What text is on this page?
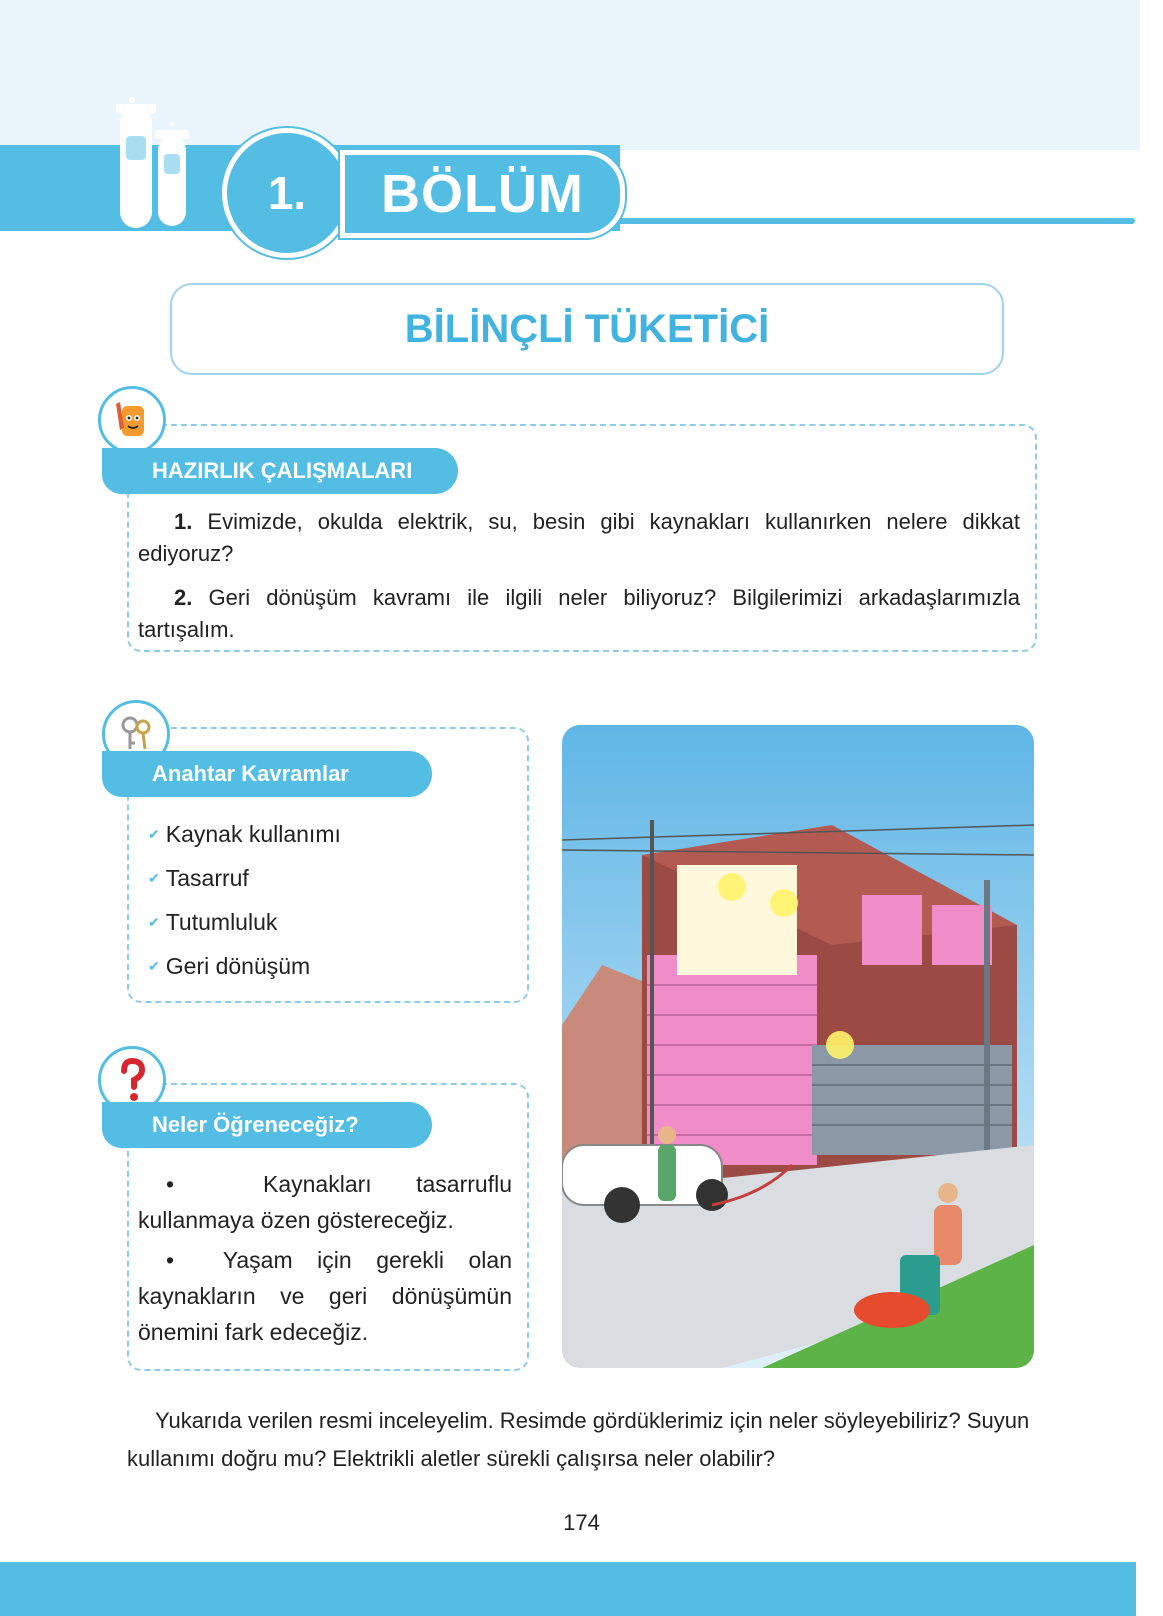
1.	BÖLÜM
BİLİNÇLİ TÜKETİCİ
HAZIRLIK ÇALIŞMALARI
1. Evimizde, okulda elektrik, su, besin gibi kaynakları kullanırken nelere dikkat ediyoruz?
2. Geri dönüşüm kavramı ile ilgili neler biliyoruz? Bilgilerimizi arkadaşlarımızla tartışalım.
Anahtar Kavramlar
✔ Kaynak kullanımı
✔ Tasarruf
✔ Tutumluluk
✔ Geri dönüşüm
Neler Öğreneceğiz?
•	Kaynakları tasarruflu kullanmaya özen göstereceğiz.
• Yaşam için gerekli olan kaynakların ve geri dönüşümün önemini fark edeceğiz.
Yukarıda verilen resmi inceleyelim. Resimde gördüklerimiz için neler söyleyebiliriz? Suyun kullanımı doğru mu? Elektrikli aletler sürekli çalışırsa neler olabilir?
174
